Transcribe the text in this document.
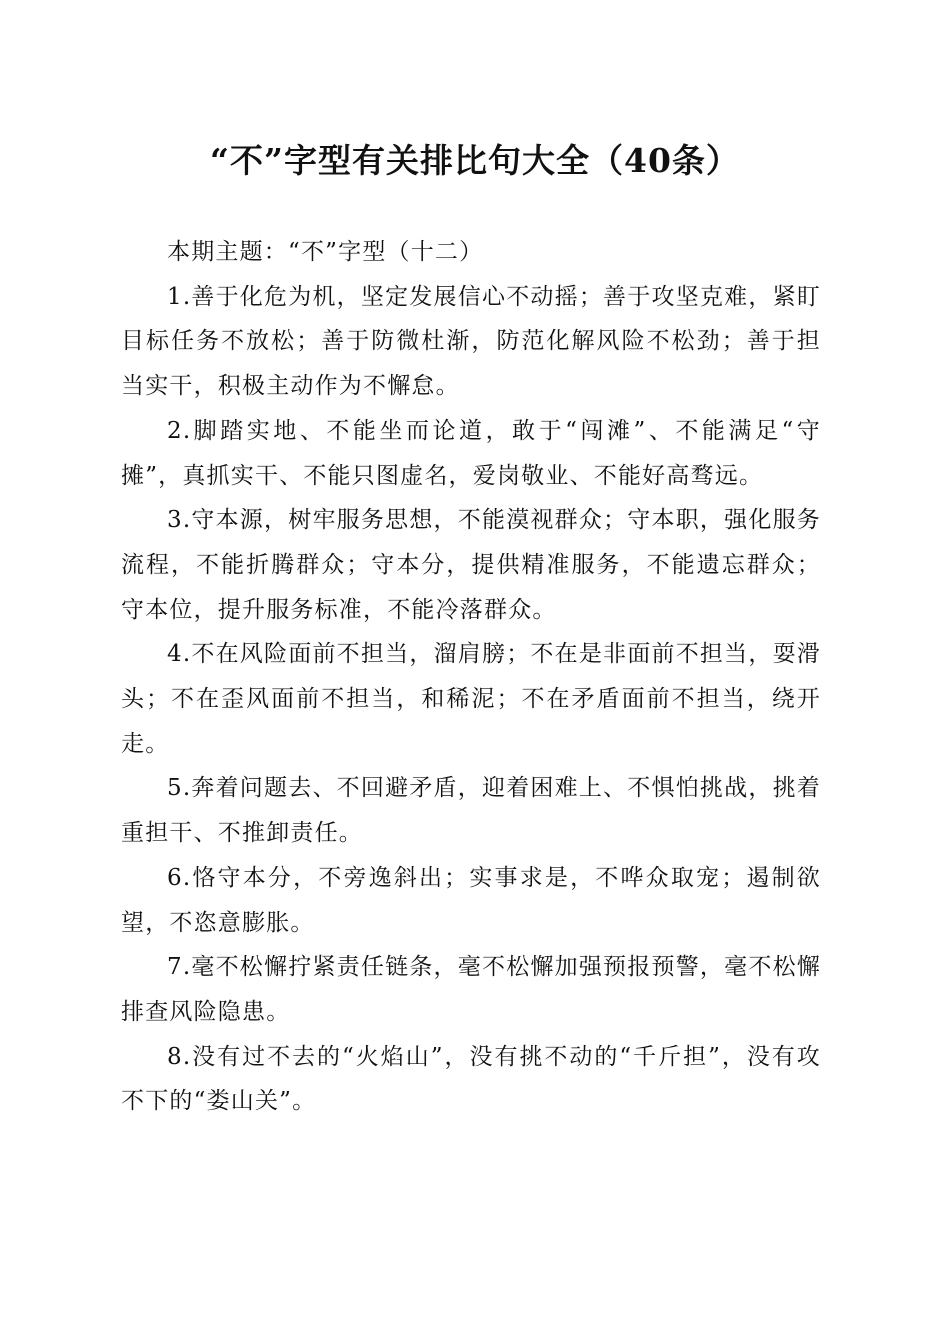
“不”字型有关排比句大全（40条）

本期主题：“不”字型（十二）

1.善于化危为机，坚定发展信心不动摇；善于攻坚克难，紧盯目标任务不放松；善于防微杜渐，防范化解风险不松劲；善于担当实干，积极主动作为不懈怠。

2.脚踏实地、不能坐而论道，敢于“闯滩”、不能满足“守摊”，真抓实干、不能只图虚名，爱岗敬业、不能好高骛远。

3.守本源，树牢服务思想，不能漠视群众；守本职，强化服务流程，不能折腾群众；守本分，提供精准服务，不能遗忘群众；守本位，提升服务标准，不能冷落群众。

4.不在风险面前不担当，溜肩膀；不在是非面前不担当，耍滑头；不在歪风面前不担当，和稀泥；不在矛盾面前不担当，绕开走。

5.奔着问题去、不回避矛盾，迎着困难上、不惧怕挑战，挑着重担干、不推卸责任。

6.恪守本分，不旁逸斜出；实事求是，不哗众取宠；遏制欲望，不恣意膨胀。

7.毫不松懈拧紧责任链条，毫不松懈加强预报预警，毫不松懈排查风险隐患。

8.没有过不去的“火焰山”，没有挑不动的“千斤担”，没有攻不下的“娄山关”。
